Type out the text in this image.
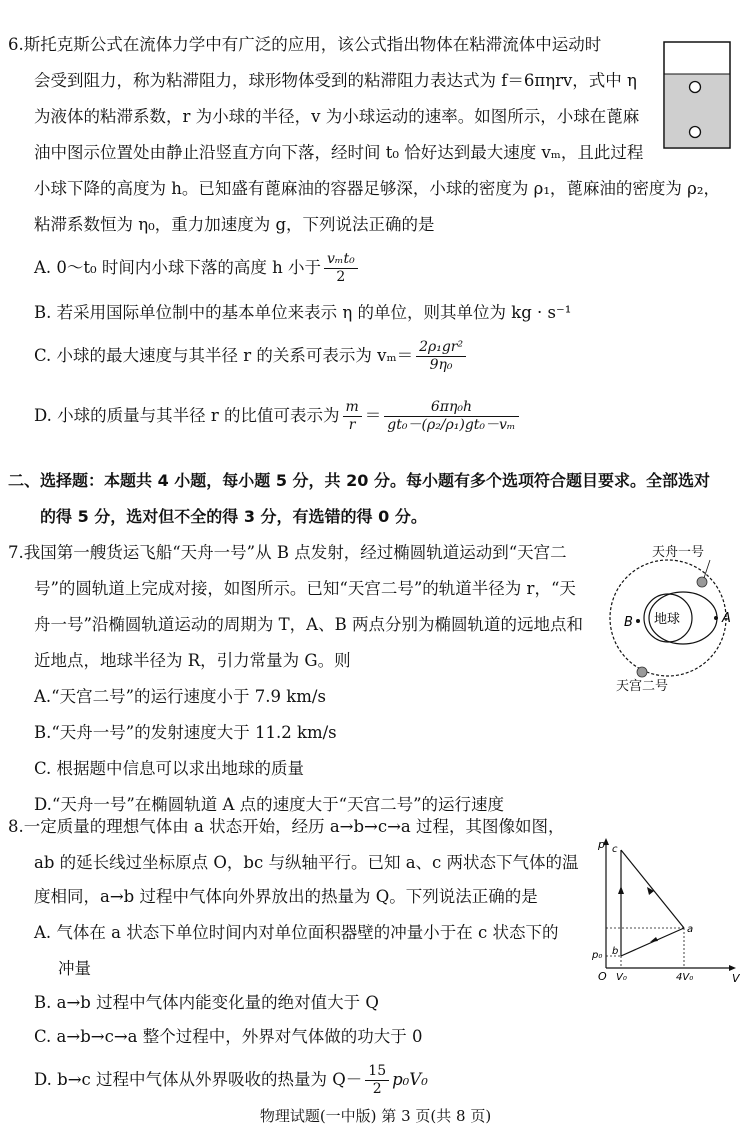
6.斯托克斯公式在流体力学中有广泛的应用，该公式指出物体在粘滞流体中运动时
会受到阻力，称为粘滞阻力，球形物体受到的粘滞阻力表达式为 f＝6πηrv，式中 η
为液体的粘滞系数，r 为小球的半径，v 为小球运动的速率。如图所示，小球在蓖麻
油中图示位置处由静止沿竖直方向下落，经时间 t₀ 恰好达到最大速度 vₘ，且此过程
小球下降的高度为 h。已知盛有蓖麻油的容器足够深，小球的密度为 ρ₁，蓖麻油的密度为 ρ₂，
粘滞系数恒为 η₀，重力加速度为 g，下列说法正确的是
A. 0～t₀ 时间内小球下落的高度 h 小于 $\frac{\text{vₘt₀}}{2}$
B. 若采用国际单位制中的基本单位来表示 η 的单位，则其单位为 kg · s⁻¹
C. 小球的最大速度与其半径 r 的关系可表示为 $v_m= \frac{\text{2ρ₁gr²}}{\text{9η₀}}$
D. 小球的质量与其半径 r 的比值可表示为 $\frac{m}{r} = \frac{\text{6πη₀h}}{\text{gt₀－(ρ₂/ρ₁)gt₀－vₘ}}$
二、选择题：本题共 4 小题，每小题 5 分，共 20 分。每小题有多个选项符合题目要求。全部选对
的得 5 分，选对但不全的得 3 分，有选错的得 0 分。
7.我国第一艘货运飞船“天舟一号”从 B 点发射，经过椭圆轨道运动到“天宫二
号”的圆轨道上完成对接，如图所示。已知“天宫二号”的轨道半径为 r，“天
舟一号”沿椭圆轨道运动的周期为 T，A、B 两点分别为椭圆轨道的远地点和
近地点，地球半径为 R，引力常量为 G。则
A.“天宫二号”的运行速度小于 7.9 km/s
B.“天舟一号”的发射速度大于 11.2 km/s
C. 根据题中信息可以求出地球的质量
D.“天舟一号”在椭圆轨道 A 点的速度大于“天宫二号”的运行速度
地球
B	A
天舟一号
天宫二号
8.一定质量的理想气体由 a 状态开始，经历 a→b→c→a 过程，其图像如图，
ab 的延长线过坐标原点 O，bc 与纵轴平行。已知 a、c 两状态下气体的温
度相同，a→b 过程中气体向外界放出的热量为 Q。下列说法正确的是
A. 气体在 a 状态下单位时间内对单位面积器壁的冲量小于在 c 状态下的
冲量
B. a→b 过程中气体内能变化量的绝对值大于 Q
C. a→b→c→a 整个过程中，外界对气体做的功大于 0
D. b→c 过程中气体从外界吸收的热量为 $Q- \frac{15}{2} p_0V_0$
p
V
O
p₀
V₀	4V₀
a
b
c
物理试题(一中版) 第 3 页(共 8 页)
